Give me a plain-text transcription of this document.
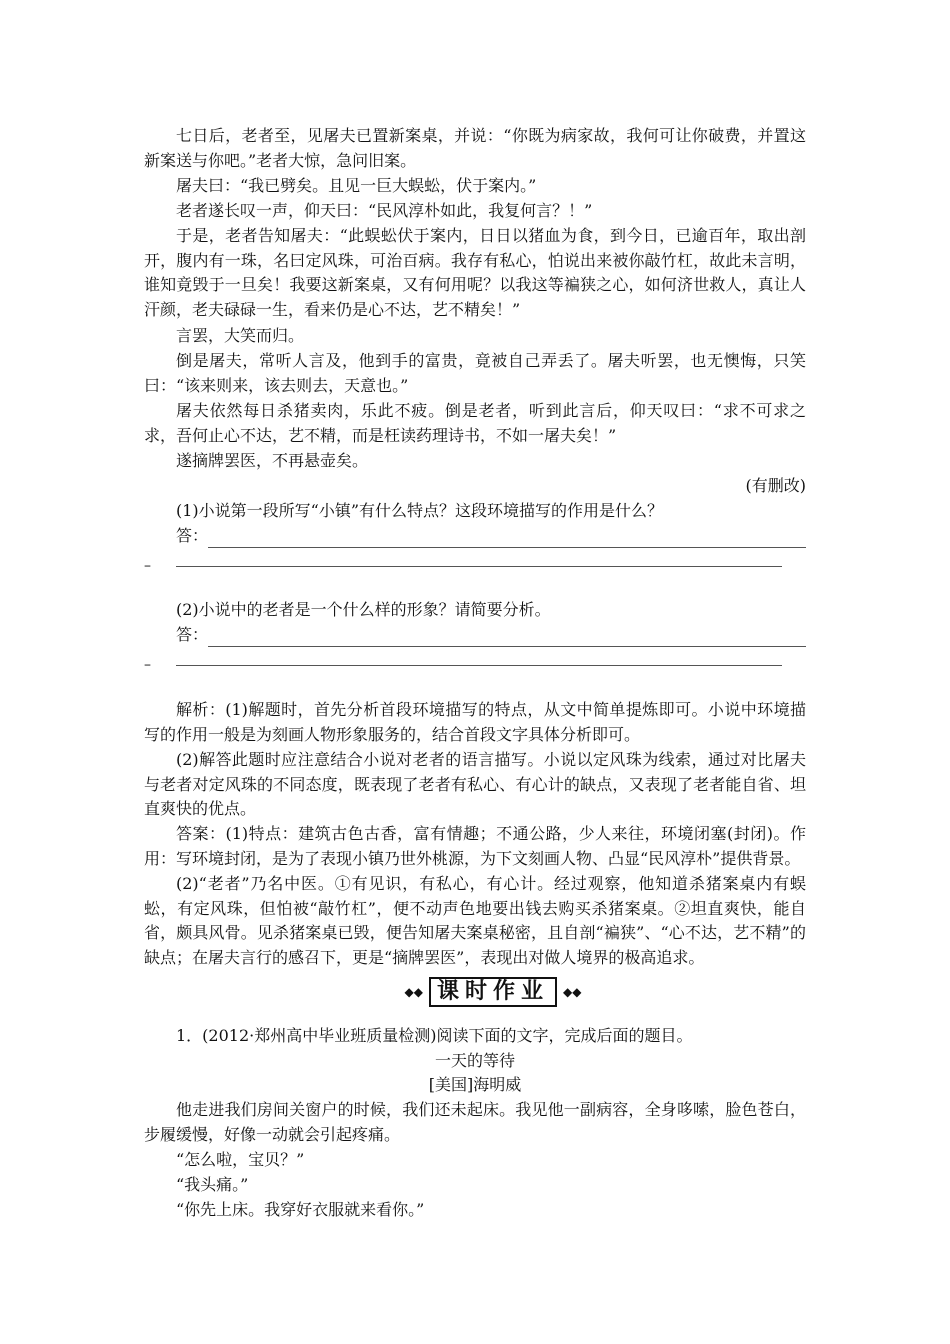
七日后，老者至，见屠夫已置新案桌，并说：“你既为病家故，我何可让你破费，并置这新案送与你吧。”老者大惊，急问旧案。

屠夫曰：“我已劈矣。且见一巨大蜈蚣，伏于案内。”

老者遂长叹一声，仰天曰：“民风淳朴如此，我复何言？！”

于是，老者告知屠夫：“此蜈蚣伏于案内，日日以猪血为食，到今日，已逾百年，取出剖开，腹内有一珠，名曰定风珠，可治百病。我存有私心，怕说出来被你敲竹杠，故此未言明，谁知竟毁于一旦矣！我要这新案桌，又有何用呢？以我这等褊狭之心，如何济世救人，真让人汗颜，老夫碌碌一生，看来仍是心不达，艺不精矣！”

言罢，大笑而归。

倒是屠夫，常听人言及，他到手的富贵，竟被自己弄丢了。屠夫听罢，也无懊悔，只笑曰：“该来则来，该去则去，天意也。”

屠夫依然每日杀猪卖肉，乐此不疲。倒是老者，听到此言后，仰天叹曰：“求不可求之求，吾何止心不达，艺不精，而是枉读药理诗书，不如一屠夫矣！”

遂摘牌罢医，不再悬壶矣。

(有删改)
(1)小说第一段所写“小镇”有什么特点？这段环境描写的作用是什么？
答：
–
(2)小说中的老者是一个什么样的形象？请简要分析。
答：
–

解析：(1)解题时，首先分析首段环境描写的特点，从文中简单提炼即可。小说中环境描写的作用一般是为刻画人物形象服务的，结合首段文字具体分析即可。

(2)解答此题时应注意结合小说对老者的语言描写。小说以定风珠为线索，通过对比屠夫与老者对定风珠的不同态度，既表现了老者有私心、有心计的缺点，又表现了老者能自省、坦直爽快的优点。

答案：(1)特点：建筑古色古香，富有情趣；不通公路，少人来往，环境闭塞(封闭)。作用：写环境封闭，是为了表现小镇乃世外桃源，为下文刻画人物、凸显“民风淳朴”提供背景。

(2)“老者”乃名中医。①有见识，有私心，有心计。经过观察，他知道杀猪案桌内有蜈蚣，有定风珠，但怕被“敲竹杠”，便不动声色地要出钱去购买杀猪案桌。②坦直爽快，能自省，颇具风骨。见杀猪案桌已毁，便告知屠夫案桌秘密，且自剖“褊狭”、“心不达，艺不精”的缺点；在屠夫言行的感召下，更是“摘牌罢医”，表现出对做人境界的极高追求。

◆◆ 课时作业	◆◆
1．(2012·郑州高中毕业班质量检测)阅读下面的文字，完成后面的题目。
一天的等待
[美国]海明威

他走进我们房间关窗户的时候，我们还未起床。我见他一副病容，全身哆嗦，脸色苍白，步履缓慢，好像一动就会引起疼痛。

“怎么啦，宝贝？”

“我头痛。”

“你先上床。我穿好衣服就来看你。”
